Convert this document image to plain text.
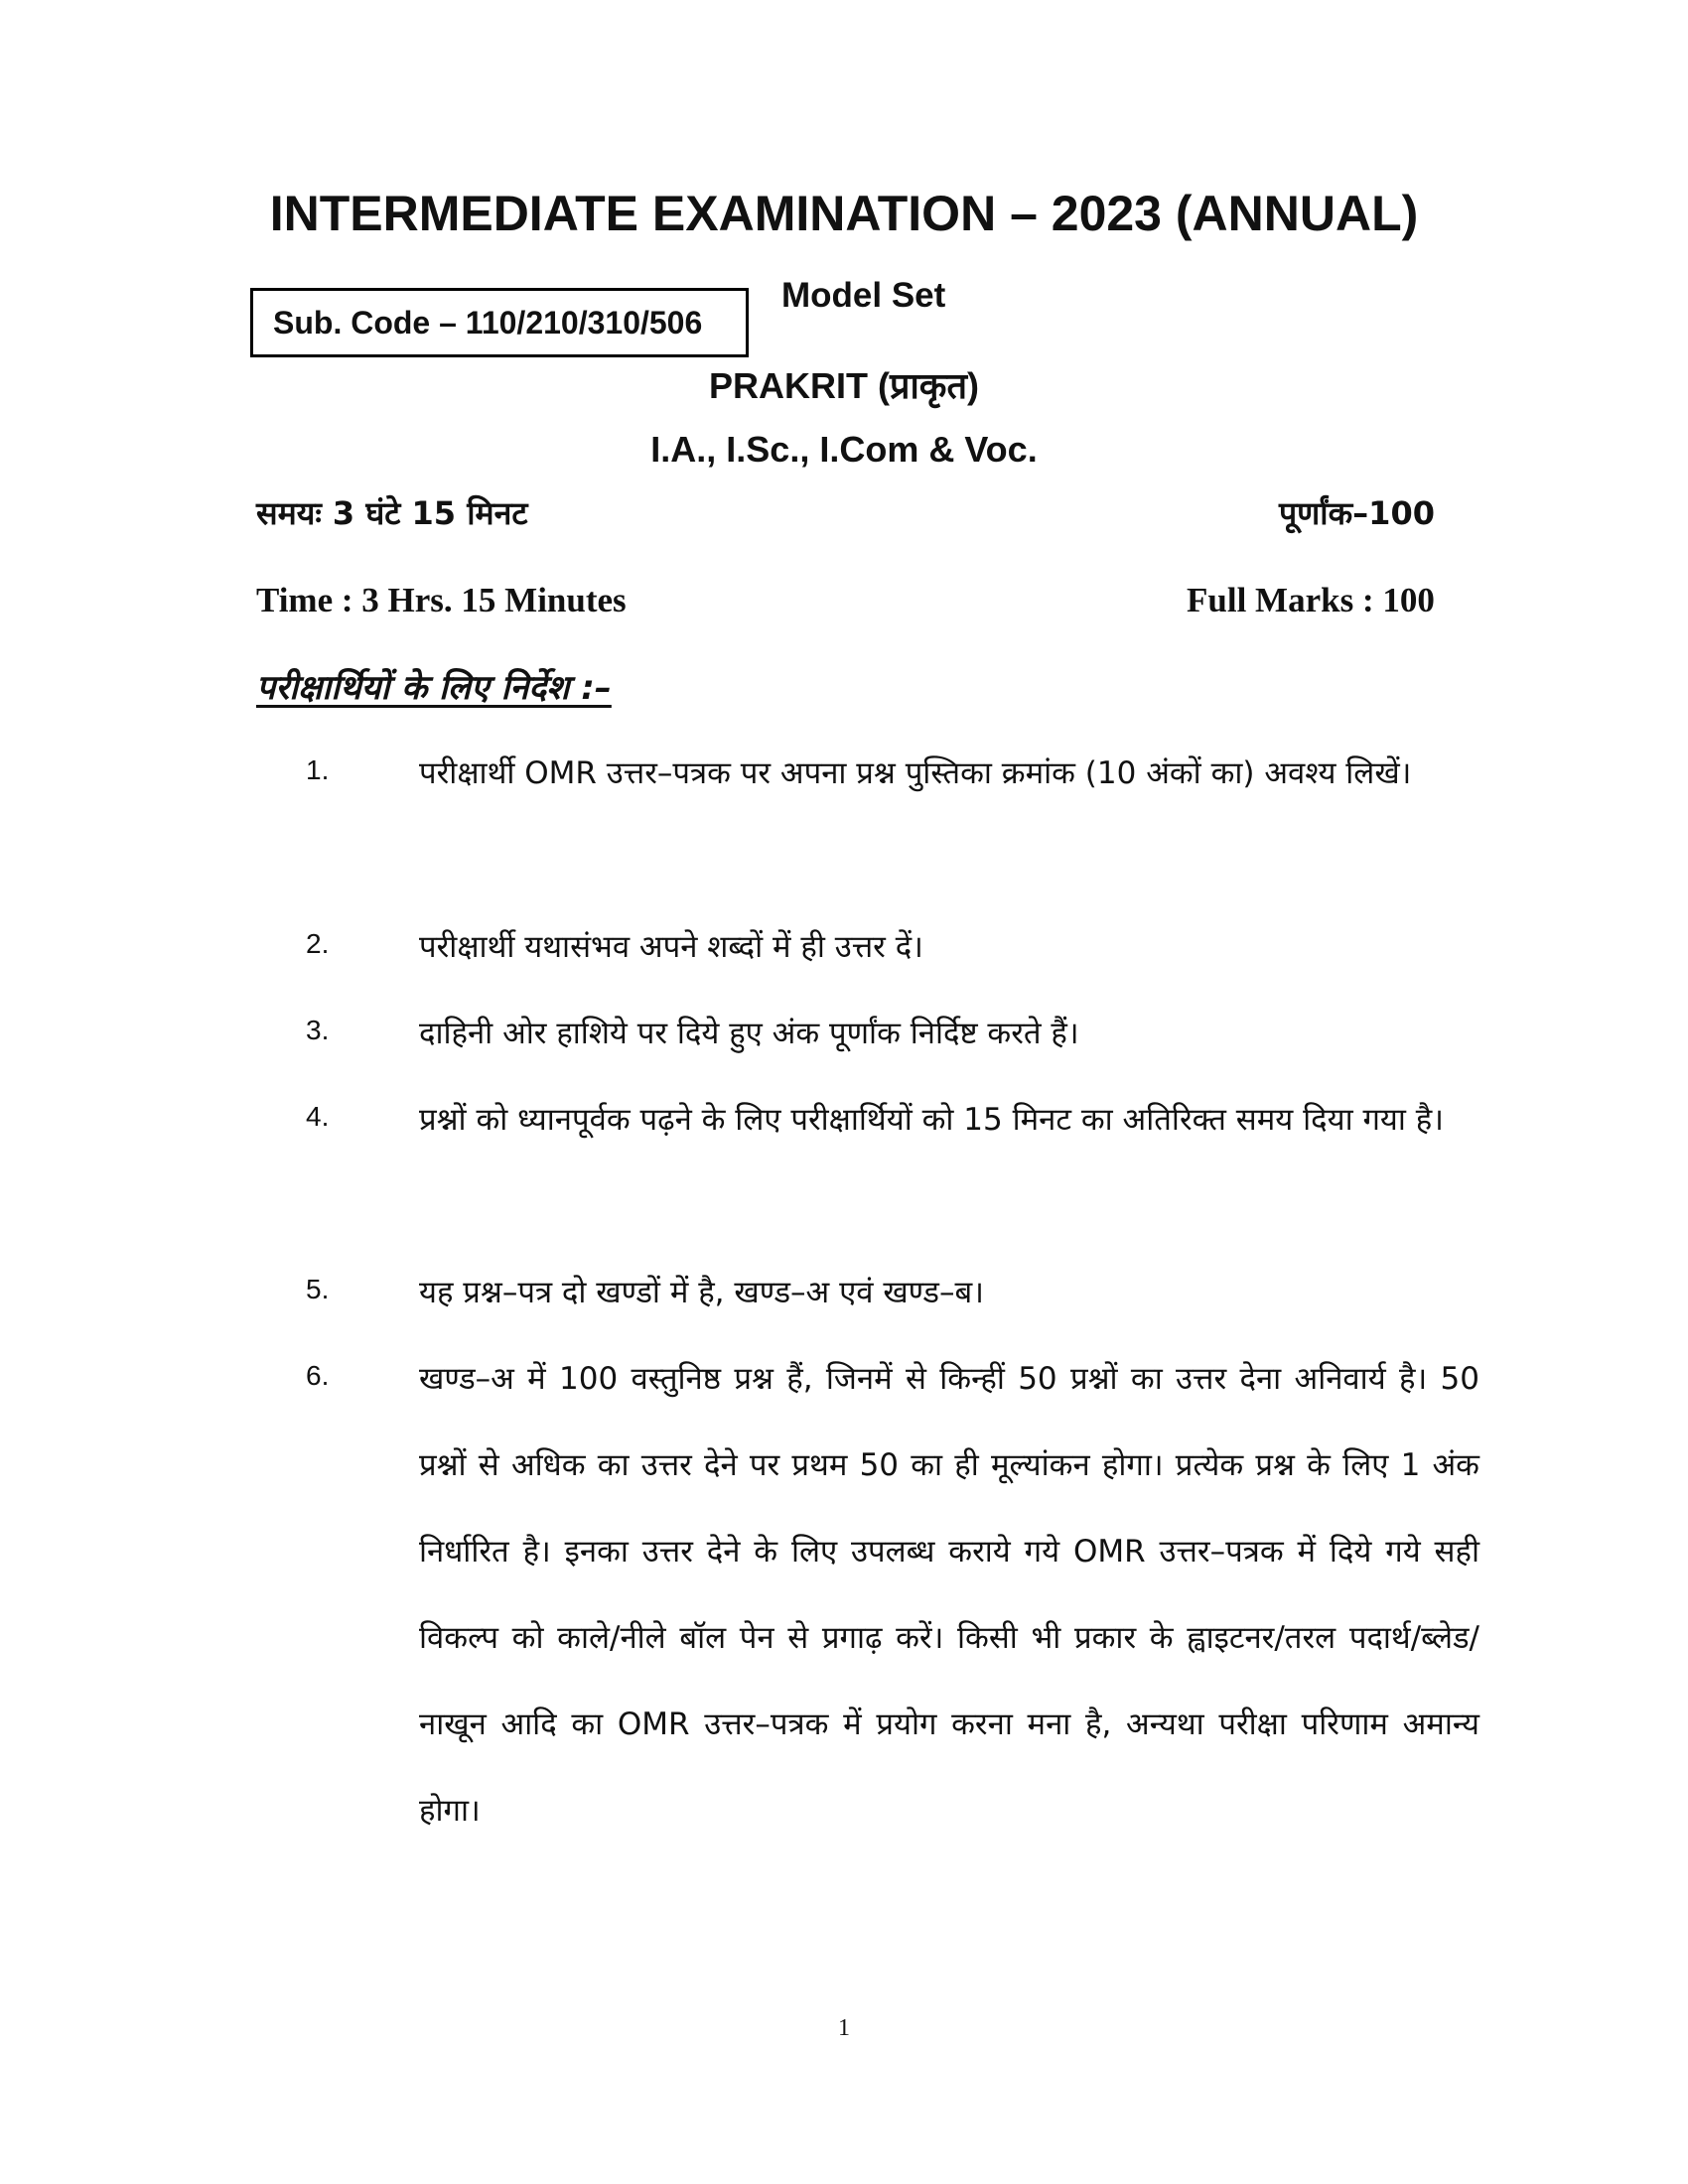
INTERMEDIATE EXAMINATION – 2023 (ANNUAL)
Sub. Code – 110/210/310/506
Model Set
PRAKRIT (प्राकृत)
I.A., I.Sc., I.Com & Voc.
समयः 3 घंटे 15 मिनट	पूर्णांक–100
Time : 3 Hrs. 15 Minutes	Full Marks : 100
परीक्षार्थियों के लिए निर्देश :–
1.	परीक्षार्थी OMR उत्तर–पत्रक पर अपना प्रश्न पुस्तिका क्रमांक (10 अंकों का) अवश्य लिखें।
2.	परीक्षार्थी यथासंभव अपने शब्दों में ही उत्तर दें।
3.	दाहिनी ओर हाशिये पर दिये हुए अंक पूर्णांक निर्दिष्ट करते हैं।
4.	प्रश्नों को ध्यानपूर्वक पढ़ने के लिए परीक्षार्थियों को 15 मिनट का अतिरिक्त समय दिया गया है।
5.	यह प्रश्न–पत्र दो खण्डों में है, खण्ड–अ एवं खण्ड–ब।
6.	खण्ड–अ में 100 वस्तुनिष्ठ प्रश्न हैं, जिनमें से किन्हीं 50 प्रश्नों का उत्तर देना अनिवार्य है। 50 प्रश्नों से अधिक का उत्तर देने पर प्रथम 50 का ही मूल्यांकन होगा। प्रत्येक प्रश्न के लिए 1 अंक निर्धारित है। इनका उत्तर देने के लिए उपलब्ध कराये गये OMR उत्तर–पत्रक में दिये गये सही विकल्प को काले/नीले बॉल पेन से प्रगाढ़ करें। किसी भी प्रकार के ह्वाइटनर/तरल पदार्थ/ब्लेड/नाखून आदि का OMR उत्तर–पत्रक में प्रयोग करना मना है, अन्यथा परीक्षा परिणाम अमान्य होगा।
1
